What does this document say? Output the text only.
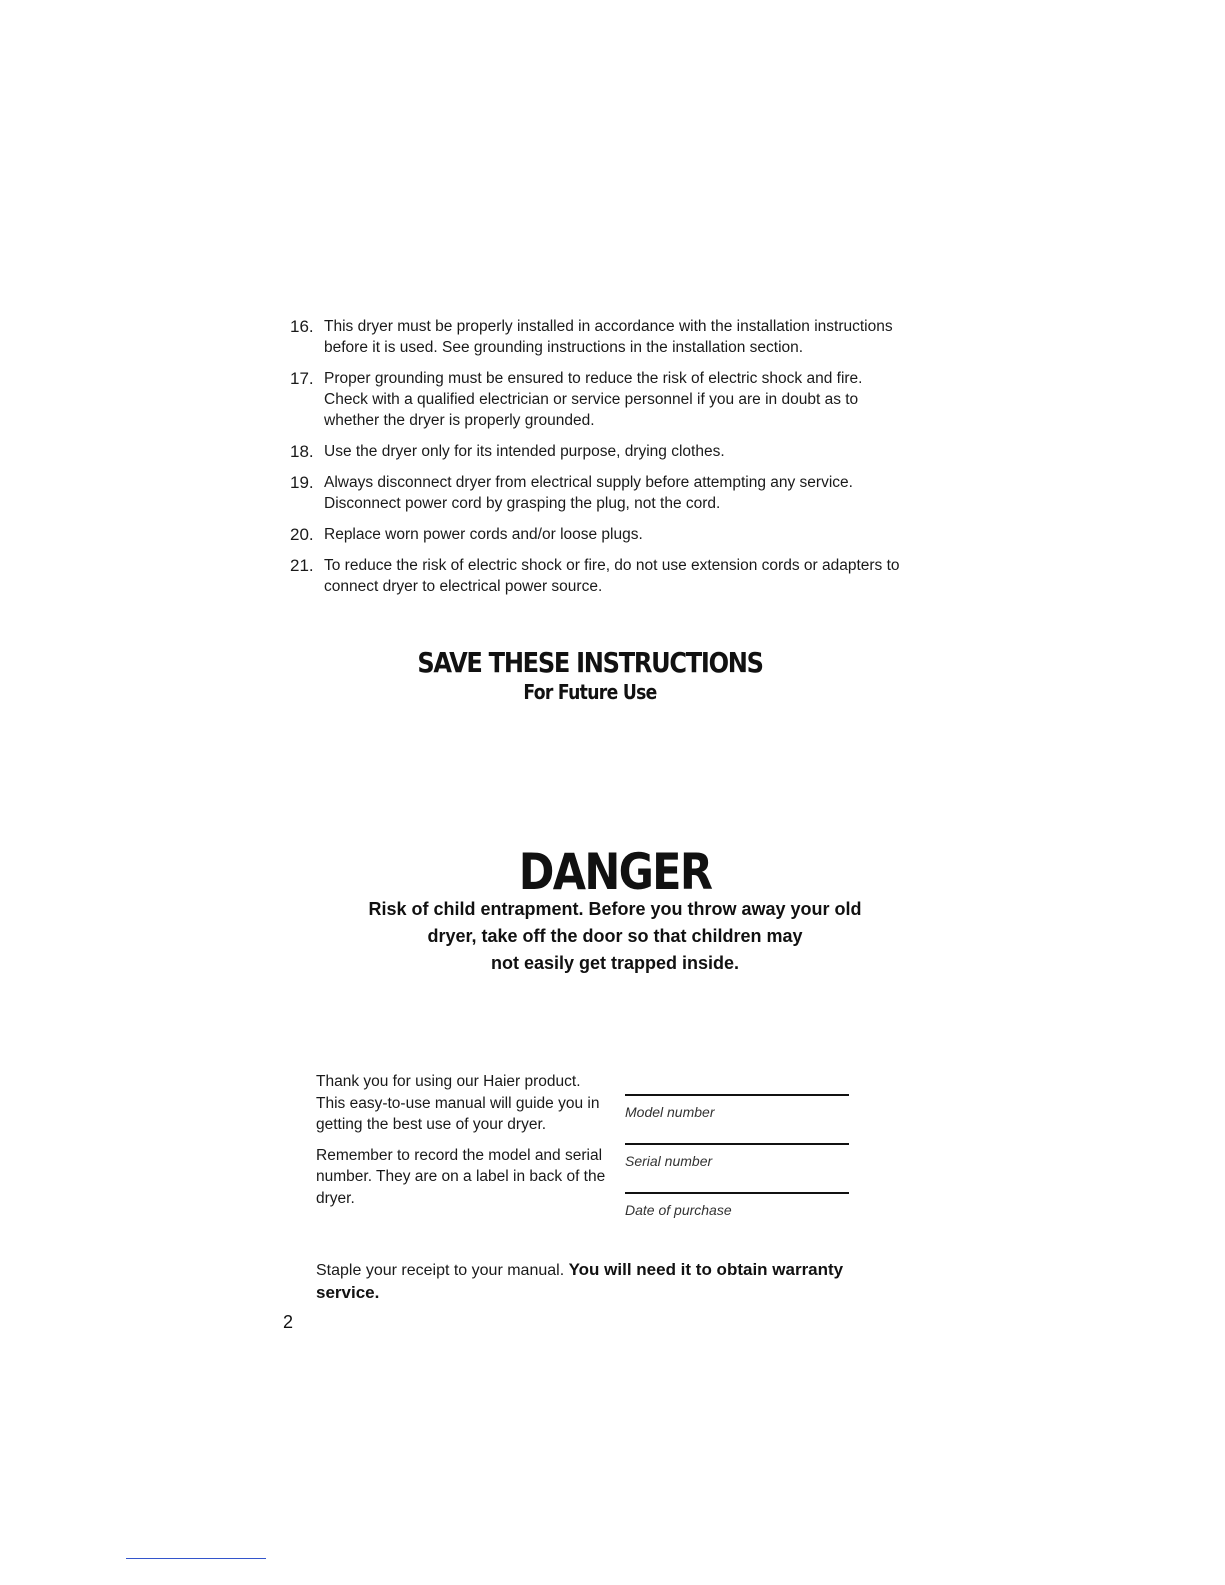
16. This dryer must be properly installed in accordance with the installation instructions before it is used. See grounding instructions in the installation section.
17. Proper grounding must be ensured to reduce the risk of electric shock and fire. Check with a qualified electrician or service personnel if you are in doubt as to whether the dryer is properly grounded.
18. Use the dryer only for its intended purpose, drying clothes.
19. Always disconnect dryer from electrical supply before attempting any service. Disconnect power cord by grasping the plug, not the cord.
20. Replace worn power cords and/or loose plugs.
21. To reduce the risk of electric shock or fire, do not use extension cords or adapters to connect dryer to electrical power source.
SAVE THESE INSTRUCTIONS
For Future Use
DANGER
Risk of child entrapment. Before you throw away your old
dryer, take off the door so that children may
not easily get trapped inside.

Thank you for using our Haier product. This easy-to-use manual will guide you in getting the best use of your dryer.

Remember to record the model and serial number. They are on a label in back of the dryer.

Model number
Serial number
Date of purchase
Staple your receipt to your manual. You will need it to obtain warranty service.
2
